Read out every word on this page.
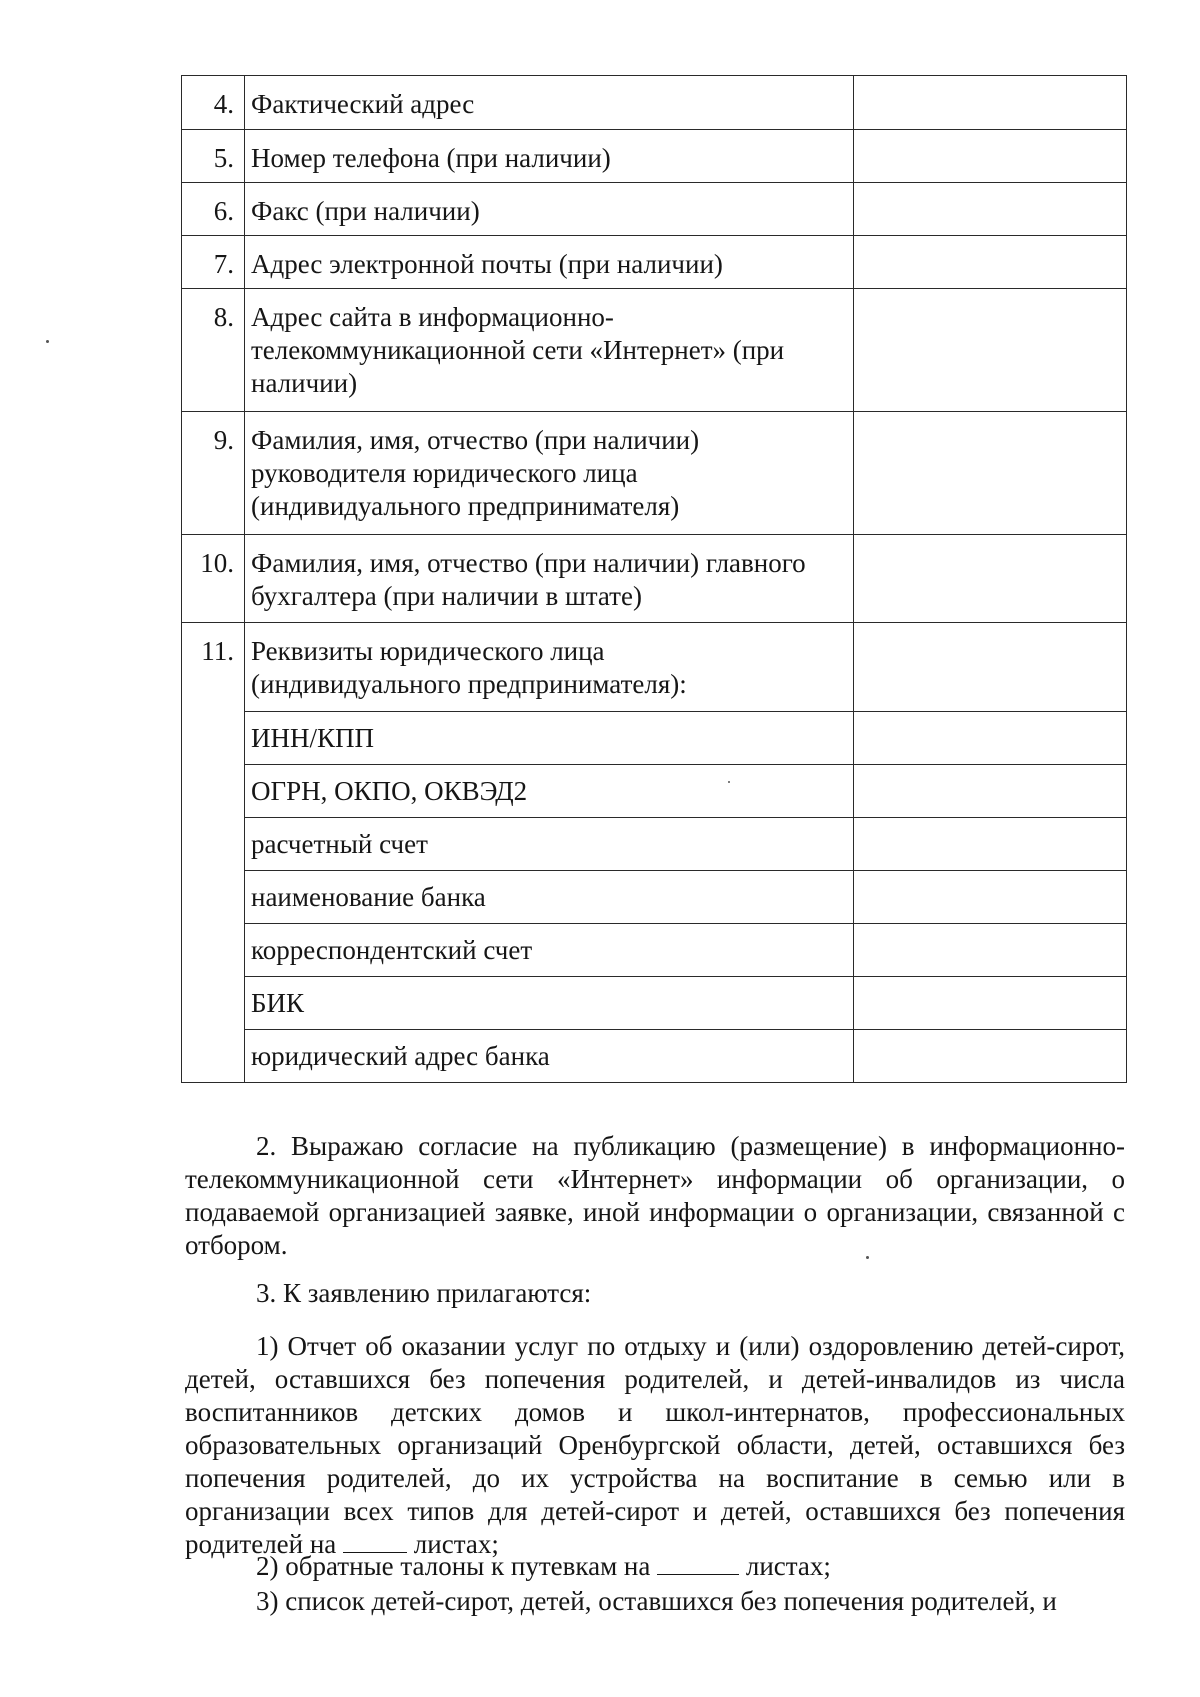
4.	Фактический адрес	
5.	Номер телефона (при наличии)	
6.	Факс (при наличии)	
7.	Адрес электронной почты (при наличии)	
8.	Адрес сайта в информационно-
телекоммуникационной сети «Интернет» (при
наличии)	
9.	Фамилия, имя, отчество (при наличии)
руководителя юридического лица
(индивидуального предпринимателя)	
10.	Фамилия, имя, отчество (при наличии) главного
бухгалтера (при наличии в штате)	
11.	Реквизиты юридического лица
(индивидуального предпринимателя):	
	ИНН/КПП	
	ОГРН, ОКПО, ОКВЭД2	
	расчетный счет	
	наименование банка	
	корреспондентский счет	
	БИК	
	юридический адрес банка	

2. Выражаю согласие на публикацию (размещение) в информационно-телекоммуникационной сети «Интернет» информации об организации, о подаваемой организацией заявке, иной информации о организации, связанной с отбором.

3. К заявлению прилагаются:

1) Отчет об оказании услуг по отдыху и (или) оздоровлению детей-сирот, детей, оставшихся без попечения родителей, и детей-инвалидов из числа воспитанников детских домов и школ-интернатов, профессиональных образовательных организаций Оренбургской области, детей, оставшихся без попечения родителей, до их устройства на воспитание в семью или в организации всех типов для детей-сирот и детей, оставшихся без попечения родителей на	листах;

2) обратные талоны к путевкам на	листах;

3) список детей-сирот, детей, оставшихся без попечения родителей, и
